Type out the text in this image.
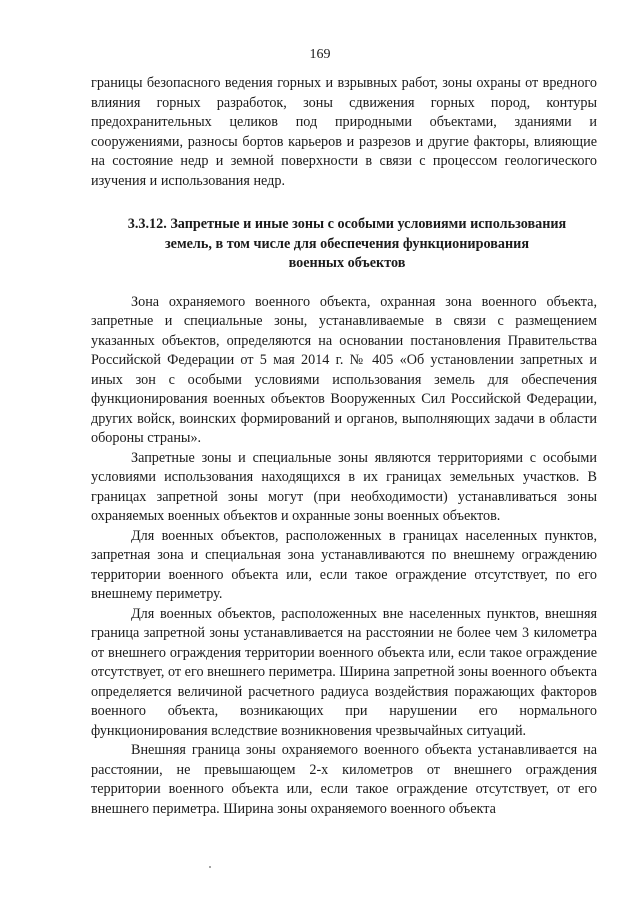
169

границы безопасного ведения горных и взрывных работ, зоны охраны от вредного влияния горных разработок, зоны сдвижения горных пород, контуры предохранительных целиков под природными объектами, зданиями и сооружениями, разносы бортов карьеров и разрезов и другие факторы, влияющие на состояние недр и земной поверхности в связи с процессом геологического изучения и использования недр.

3.3.12. Запретные и иные зоны с особыми условиями использования
земель, в том числе для обеспечения функционирования
военных объектов

Зона охраняемого военного объекта, охранная зона военного объекта, запретные и специальные зоны, устанавливаемые в связи с размещением указанных объектов, определяются на основании постановления Правительства Российской Федерации от 5 мая 2014 г. № 405 «Об установлении запретных и иных зон с особыми условиями использования земель для обеспечения функционирования военных объектов Вооруженных Сил Российской Федерации, других войск, воинских формирований и органов, выполняющих задачи в области обороны страны».

Запретные зоны и специальные зоны являются территориями с особыми условиями использования находящихся в их границах земельных участков. В границах запретной зоны могут (при необходимости) устанавливаться зоны охраняемых военных объектов и охранные зоны военных объектов.

Для военных объектов, расположенных в границах населенных пунктов, запретная зона и специальная зона устанавливаются по внешнему ограждению территории военного объекта или, если такое ограждение отсутствует, по его внешнему периметру.

Для военных объектов, расположенных вне населенных пунктов, внешняя граница запретной зоны устанавливается на расстоянии не более чем 3 километра от внешнего ограждения территории военного объекта или, если такое ограждение отсутствует, от его внешнего периметра. Ширина запретной зоны военного объекта определяется величиной расчетного радиуса воздействия поражающих факторов военного объекта, возникающих при нарушении его нормального функционирования вследствие возникновения чрезвычайных ситуаций.

Внешняя граница зоны охраняемого военного объекта устанавливается на расстоянии, не превышающем 2-х километров от внешнего ограждения территории военного объекта или, если такое ограждение отсутствует, от его внешнего периметра. Ширина зоны охраняемого военного объекта
